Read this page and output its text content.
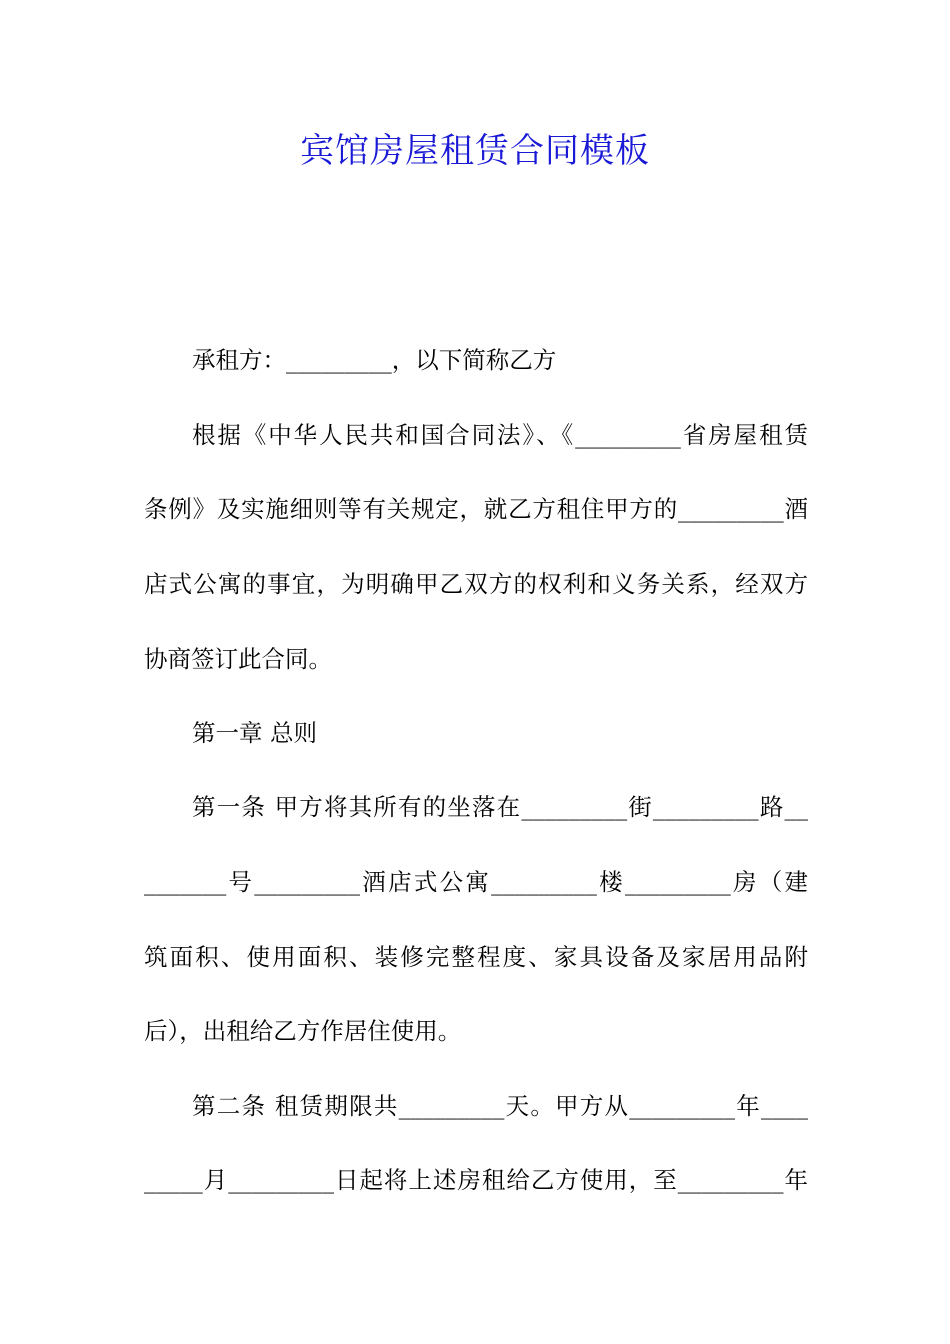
宾馆房屋租赁合同模板
承租方：_________，以下简称乙方
根据《中华人民共和国合同法》、《_________省房屋租赁
条例》及实施细则等有关规定，就乙方租住甲方的_________酒
店式公寓的事宜，为明确甲乙双方的权利和义务关系，经双方
协商签订此合同。
第一章 总则
第一条 甲方将其所有的坐落在_________街_________路__
_______号_________酒店式公寓_________楼_________房（建
筑面积、使用面积、装修完整程度、家具设备及家居用品附
后），出租给乙方作居住使用。
第二条 租赁期限共_________天。甲方从_________年____
_____月_________日起将上述房租给乙方使用，至_________年
